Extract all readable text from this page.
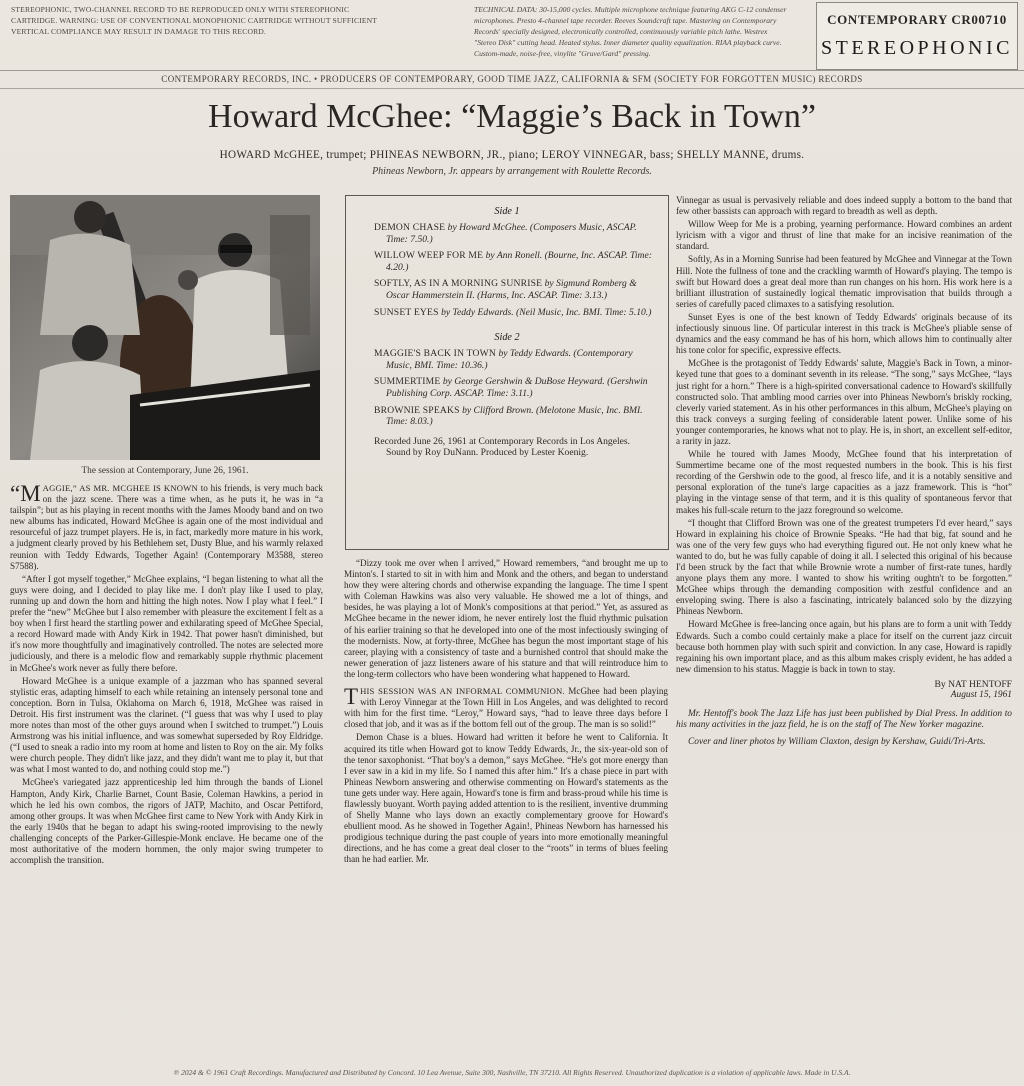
STEREOPHONIC, TWO-CHANNEL RECORD TO BE REPRODUCED ONLY WITH STEREOPHONIC CARTRIDGE. WARNING: USE OF CONVENTIONAL MONOPHONIC CARTRIDGE WITHOUT SUFFICIENT VERTICAL COMPLIANCE MAY RESULT IN DAMAGE TO THIS RECORD.
TECHNICAL DATA: 30-15,000 cycles. Multiple microphone technique featuring AKG C-12 condenser microphones. Presto 4-channel tape recorder. Reeves Soundcraft tape. Mastering on Contemporary Records' specially designed, electronically controlled, continuously variable pitch lathe. Westrex "Stereo Disk" cutting head. Heated stylus. Inner diameter quality equalization. RIAA playback curve. Custom-made, noise-free, vinylite "Gruve/Gard" pressing.
CONTEMPORARY CR00710
STEREOPHONIC
CONTEMPORARY RECORDS, INC. • PRODUCERS OF CONTEMPORARY, GOOD TIME JAZZ, CALIFORNIA & SFM (SOCIETY FOR FORGOTTEN MUSIC) RECORDS
Howard McGhee: “Maggie’s Back in Town”
HOWARD McGHEE, trumpet; PHINEAS NEWBORN, JR., piano; LEROY VINNEGAR, bass; SHELLY MANNE, drums.
Phineas Newborn, Jr. appears by arrangement with Roulette Records.
The session at Contemporary, June 26, 1961.

“MAGGIE,” AS MR. MCGHEE IS KNOWN to his friends, is very much back on the jazz scene. There was a time when, as he puts it, he was in “a tailspin”; but as his playing in recent months with the James Moody band and on two new albums has indicated, Howard McGhee is again one of the most individual and resourceful of jazz trumpet players. He is, in fact, markedly more mature in his work, a judgment clearly proved by his Bethlehem set, Dusty Blue, and his warmly relaxed reunion with Teddy Edwards, Together Again! (Contemporary M3588, stereo S7588).

“After I got myself together,” McGhee explains, “I began listening to what all the guys were doing, and I decided to play like me. I don't play like I used to play, running up and down the horn and hitting the high notes. Now I play what I feel.” I prefer the “new” McGhee but I also remember with pleasure the excitement I felt as a boy when I first heard the startling power and exhilarating speed of McGhee Special, a record Howard made with Andy Kirk in 1942. That power hasn't diminished, but it's now more thoughtfully and imaginatively controlled. The notes are selected more judiciously, and there is a melodic flow and remarkably supple rhythmic placement in McGhee's work never as fully there before.

Howard McGhee is a unique example of a jazzman who has spanned several stylistic eras, adapting himself to each while retaining an intensely personal tone and conception. Born in Tulsa, Oklahoma on March 6, 1918, McGhee was raised in Detroit. His first instrument was the clarinet. (“I guess that was why I used to play more notes than most of the other guys around when I switched to trumpet.”) Louis Armstrong was his initial influence, and was somewhat superseded by Roy Eldridge. (“I used to sneak a radio into my room at home and listen to Roy on the air. My folks were church people. They didn't like jazz, and they didn't want me to play it, but that was what I most wanted to do, and nothing could stop me.”)

McGhee's variegated jazz apprenticeship led him through the bands of Lionel Hampton, Andy Kirk, Charlie Barnet, Count Basie, Coleman Hawkins, a period in which he led his own combos, the rigors of JATP, Machito, and Oscar Pettiford, among other groups. It was when McGhee first came to New York with Andy Kirk in the early 1940s that he began to adapt his swing-rooted improvising to the newly challenging concepts of the Parker-Gillespie-Monk enclave. He became one of the most authoritative of the modern hornmen, the only major swing trumpeter to accomplish the transition.

Side 1

DEMON CHASE by Howard McGhee. (Composers Music, ASCAP. Time: 7.50.)
WILLOW WEEP FOR ME by Ann Ronell. (Bourne, Inc. ASCAP. Time: 4.20.)
SOFTLY, AS IN A MORNING SUNRISE by Sigmund Romberg & Oscar Hammerstein II. (Harms, Inc. ASCAP. Time: 3.13.)
SUNSET EYES by Teddy Edwards. (Neil Music, Inc. BMI. Time: 5.10.)

Side 2

MAGGIE'S BACK IN TOWN by Teddy Edwards. (Contemporary Music, BMI. Time: 10.36.)
SUMMERTIME by George Gershwin & DuBose Heyward. (Gershwin Publishing Corp. ASCAP. Time: 3.11.)
BROWNIE SPEAKS by Clifford Brown. (Melotone Music, Inc. BMI. Time: 8.03.)
Recorded June 26, 1961 at Contemporary Records in Los Angeles. Sound by Roy DuNann. Produced by Lester Koenig.

“Dizzy took me over when I arrived,” Howard remembers, “and brought me up to Minton's. I started to sit in with him and Monk and the others, and began to understand how they were altering chords and otherwise expanding the language. The time I spent with Coleman Hawkins was also very valuable. He showed me a lot of things, and besides, he was playing a lot of Monk's compositions at that period.” Yet, as assured as McGhee became in the newer idiom, he never entirely lost the fluid rhythmic pulsation of his earlier training so that he developed into one of the most infectiously swinging of the modernists. Now, at forty-three, McGhee has begun the most important stage of his career, playing with a consistency of taste and a burnished control that should make the newer generation of jazz listeners aware of his stature and that will reintroduce him to the long-term collectors who have been wondering what happened to Howard.

THIS SESSION WAS AN INFORMAL COMMUNION. McGhee had been playing with Leroy Vinnegar at the Town Hill in Los Angeles, and was delighted to record with him for the first time. “Leroy,” Howard says, “had to leave three days before I closed that job, and it was as if the bottom fell out of the group. The man is so solid!”

Demon Chase is a blues. Howard had written it before he went to California. It acquired its title when Howard got to know Teddy Edwards, Jr., the six-year-old son of the tenor saxophonist. “That boy's a demon,” says McGhee. “He's got more energy than I ever saw in a kid in my life. So I named this after him.” It's a chase piece in part with Phineas Newborn answering and otherwise commenting on Howard's statements as the tune gets under way. Here again, Howard's tone is firm and brass-proud while his time is flawlessly buoyant. Worth paying added attention to is the resilient, inventive drumming of Shelly Manne who lays down an exactly complementary groove for Howard's ebullient mood. As he showed in Together Again!, Phineas Newborn has harnessed his prodigious technique during the past couple of years into more emotionally meaningful directions, and he has come a great deal closer to the “roots” in terms of blues feeling than he had earlier. Mr.

Vinnegar as usual is pervasively reliable and does indeed supply a bottom to the band that few other bassists can approach with regard to breadth as well as depth.

Willow Weep for Me is a probing, yearning performance. Howard combines an ardent lyricism with a vigor and thrust of line that make for an incisive reanimation of the standard.

Softly, As in a Morning Sunrise had been featured by McGhee and Vinnegar at the Town Hill. Note the fullness of tone and the crackling warmth of Howard's playing. The tempo is swift but Howard does a great deal more than run changes on his horn. His work here is a brilliant illustration of sustainedly logical thematic improvisation that builds through a series of carefully paced climaxes to a satisfying resolution.

Sunset Eyes is one of the best known of Teddy Edwards' originals because of its infectiously sinuous line. Of particular interest in this track is McGhee's pliable sense of dynamics and the easy command he has of his horn, which allows him to continually alter his tone color for specific, expressive effects.

McGhee is the protagonist of Teddy Edwards' salute, Maggie's Back in Town, a minor-keyed tune that goes to a dominant seventh in its release. “The song,” says McGhee, “lays just right for a horn.” There is a high-spirited conversational cadence to Howard's skillfully constructed solo. That ambling mood carries over into Phineas Newborn's briskly rocking, cleverly varied statement. As in his other performances in this album, McGhee's playing on this track conveys a surging feeling of considerable latent power. Unlike some of his younger contemporaries, he knows what not to play. He is, in short, an excellent self-editor, a rarity in jazz.

While he toured with James Moody, McGhee found that his interpretation of Summertime became one of the most requested numbers in the book. This is his first recording of the Gershwin ode to the good, al fresco life, and it is a notably sensitive and personal exploration of the tune's large capacities as a jazz framework. This is “hot” playing in the vintage sense of that term, and it is this quality of spontaneous fervor that makes his full-scale return to the jazz foreground so welcome.

“I thought that Clifford Brown was one of the greatest trumpeters I'd ever heard,” says Howard in explaining his choice of Brownie Speaks. “He had that big, fat sound and he was one of the very few guys who had everything figured out. He not only knew what he wanted to do, but he was fully capable of doing it all. I selected this original of his because I'd been struck by the fact that while Brownie wrote a number of first-rate tunes, hardly anyone plays them any more. I wanted to show his writing oughtn't to be forgotten.” McGhee whips through the demanding composition with zestful confidence and an enveloping swing. There is also a fascinating, intricately balanced solo by the dizzying Phineas Newborn.

Howard McGhee is free-lancing once again, but his plans are to form a unit with Teddy Edwards. Such a combo could certainly make a place for itself on the current jazz circuit because both hornmen play with such spirit and conviction. In any case, Howard is rapidly regaining his own important place, and as this album makes crisply evident, he has added a new dimension to his status. Maggie is back in town to stay.

By NAT HENTOFF
August 15, 1961

Mr. Hentoff's book The Jazz Life has just been published by Dial Press. In addition to his many activities in the jazz field, he is on the staff of The New Yorker magazine.

Cover and liner photos by William Claxton, design by Kershaw, Guidi/Tri-Arts.

℗ 2024 & © 1961 Craft Recordings. Manufactured and Distributed by Concord. 10 Lea Avenue, Suite 300, Nashville, TN 37210. All Rights Reserved. Unauthorized duplication is a violation of applicable laws. Made in U.S.A.
